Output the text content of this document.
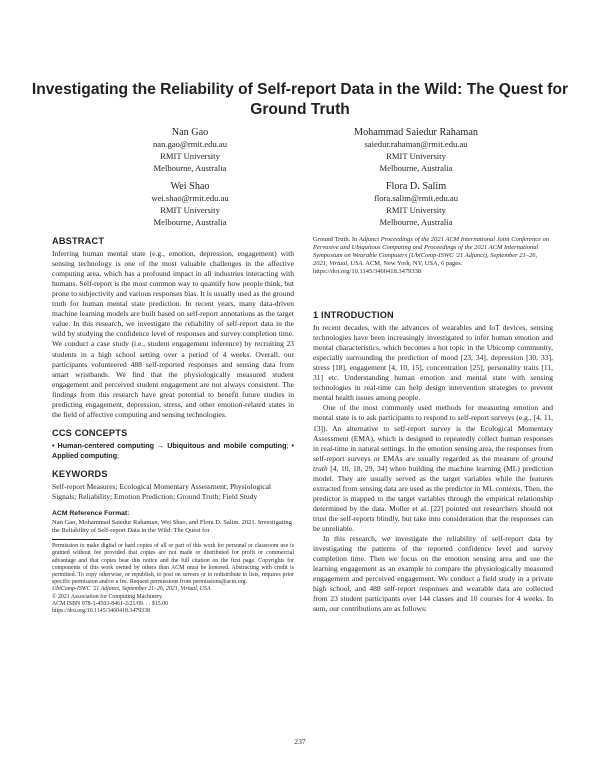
Investigating the Reliability of Self-report Data in the Wild: The Quest for Ground Truth
Nan Gao
nan.gao@rmit.edu.au
RMIT University
Melbourne, Australia
Mohammad Saiedur Rahaman
saiedur.rahaman@rmit.edu.au
RMIT University
Melbourne, Australia
Wei Shao
wei.shao@rmit.edu.au
RMIT University
Melbourne, Australia
Flora D. Salim
flora.salim@rmit.edu.au
RMIT University
Melbourne, Australia
ABSTRACT

Inferring human mental state (e.g., emotion, depression, engagement) with sensing technology is one of the most valuable challenges in the affective computing area, which has a profound impact in all industries interacting with humans. Self-report is the most common way to quantify how people think, but prone to subjectivity and various responses bias. It is usually used as the ground truth for human mental state prediction. In recent years, many data-driven machine learning models are built based on self-report annotations as the target value. In this research, we investigate the reliability of self-report data in the wild by studying the confidence level of responses and survey completion time. We conduct a case study (i.e., student engagement inference) by recruiting 23 students in a high school setting over a period of 4 weeks. Overall, our participants volunteered 488 self-reported responses and sensing data from smart wristbands. We find that the physiologically measured student engagement and perceived student engagement are not always consistent. The findings from this research have great potential to benefit future studies in predicting engagement, depression, stress, and other emotion-related states in the field of affective computing and sensing technologies.

CCS CONCEPTS

• Human-centered computing → Ubiquitous and mobile computing; • Applied computing;

KEYWORDS

Self-report Measures; Ecological Momentary Assessment; Physiological Signals; Reliability; Emotion Prediction; Ground Truth; Field Study

ACM Reference Format:

Nan Gao, Mohammad Saiedur Rahaman, Wei Shao, and Flora D. Salim. 2021. Investigating the Reliability of Self-report Data in the Wild: The Quest for

Permission to make digital or hard copies of all or part of this work for personal or classroom use is granted without fee provided that copies are not made or distributed for profit or commercial advantage and that copies bear this notice and the full citation on the first page. Copyrights for components of this work owned by others than ACM must be honored. Abstracting with credit is permitted. To copy otherwise, or republish, to post on servers or to redistribute to lists, requires prior specific permission and/or a fee. Request permissions from permissions@acm.org.

UbiComp-ISWC '21 Adjunct, September 21–26, 2021, Virtual, USA

© 2021 Association for Computing Machinery.

ACM ISBN 978-1-4503-8461-2/21/09. . . $15.00

https://doi.org/10.1145/3460418.3479338

Ground Truth. In Adjunct Proceedings of the 2021 ACM International Joint Conference on Pervasive and Ubiquitous Computing and Proceedings of the 2021 ACM International Symposium on Wearable Computers (UbiComp-ISWC '21 Adjunct), September 21–26, 2021, Virtual, USA. ACM, New York, NY, USA, 6 pages. https://doi.org/10.1145/3460418.3479338

1 INTRODUCTION

In recent decades, with the advances of wearables and IoT devices, sensing technologies have been increasingly investigated to infer human emotion and mental characteristics, which becomes a hot topic in the Ubicomp community, especially surrounding the prediction of mood [23, 34], depression [30, 33], stress [18], engagement [4, 10, 15], concentration [25], personality traits [11, 31] etc. Understanding human emotion and mental state with sensing technologies in real-time can help design intervention strategies to prevent mental health issues among people.

One of the most commonly used methods for measuring emotion and mental state is to ask participants to respond to self-report surveys (e.g., [4, 11, 13]). An alternative to self-report survey is the Ecological Momentary Assessment (EMA), which is designed to repeatedly collect human responses in real-time in natural settings. In the emotion sensing area, the responses from self-report surveys or EMAs are usually regarded as the measure of ground truth [4, 10, 18, 29, 34] when building the machine learning (ML) prediction model. They are usually served as the target variables while the features extracted from sensing data are used as the predictor in ML contexts. Then, the predictor is mapped to the target variables through the empirical relationship determined by the data. Moller et al. [22] pointed out researchers should not trust the self-reports blindly, but take into consideration that the responses can be unreliable.

In this research, we investigate the reliability of self-report data by investigating the patterns of the reported confidence level and survey completion time. Then we focus on the emotion sensing area and use the learning engagement as an example to compare the physiologically measured engagement and perceived engagement. We conduct a field study in a private high school, and 488 self-report responses and wearable data are collected from 23 student participants over 144 classes and 10 courses for 4 weeks. In sum, our contributions are as follows:

237
